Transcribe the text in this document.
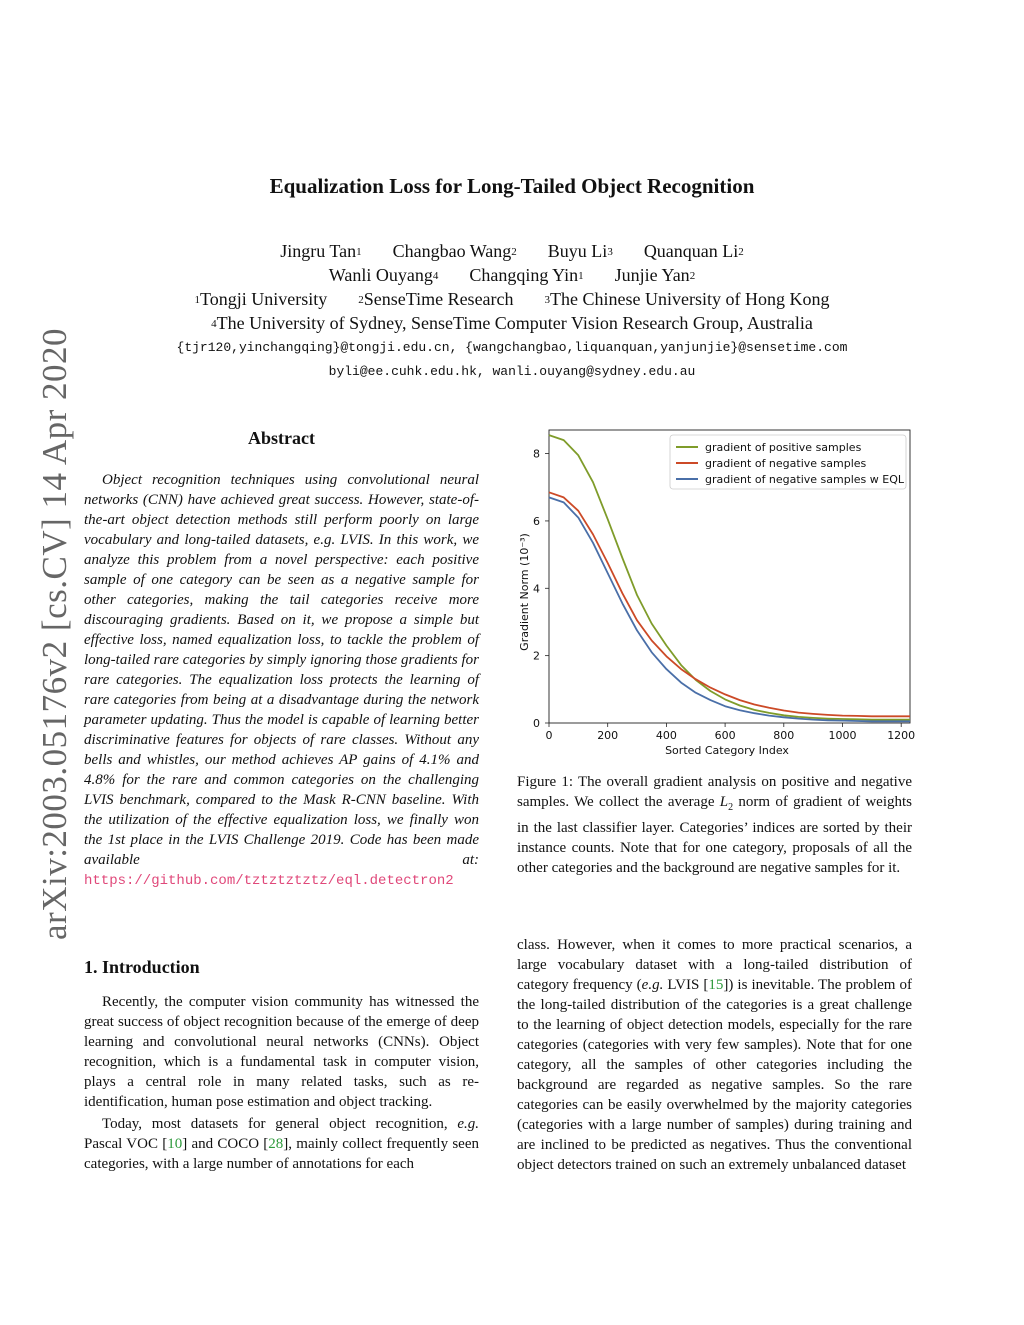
arXiv:2003.05176v2 [cs.CV] 14 Apr 2020
Equalization Loss for Long-Tailed Object Recognition
Jingru Tan$^1$ Changbao Wang$^2$ Buyu Li$^3$ Quanquan Li$^2$
Wanli Ouyang$^4$ Changqing Yin$^1$ Junjie Yan$^2$
$^1$Tongji University	$^2$SenseTime Research	$^3$The Chinese University of Hong Kong
$^4$The University of Sydney, SenseTime Computer Vision Research Group, Australia
{tjr120,yinchangqing}@tongji.edu.cn, {wangchangbao,liquanquan,yanjunjie}@sensetime.com
byli@ee.cuhk.edu.hk, wanli.ouyang@sydney.edu.au
Abstract

Object recognition techniques using convolutional neural networks (CNN) have achieved great success. However, state-of-the-art object detection methods still perform poorly on large vocabulary and long-tailed datasets, e.g. LVIS. In this work, we analyze this problem from a novel perspective: each positive sample of one category can be seen as a negative sample for other categories, making the tail categories receive more discouraging gradients. Based on it, we propose a simple but effective loss, named equalization loss, to tackle the problem of long-tailed rare categories by simply ignoring those gradients for rare categories. The equalization loss protects the learning of rare categories from being at a disadvantage during the network parameter updating. Thus the model is capable of learning better discriminative features for objects of rare classes. Without any bells and whistles, our method achieves AP gains of 4.1% and 4.8% for the rare and common categories on the challenging LVIS benchmark, compared to the Mask R-CNN baseline. With the utilization of the effective equalization loss, we finally won the 1st place in the LVIS Challenge 2019. Code has been made available at: https://github.com/tztztztztz/eql.detectron2

1. Introduction

Recently, the computer vision community has witnessed the great success of object recognition because of the emerge of deep learning and convolutional neural networks (CNNs). Object recognition, which is a fundamental task in computer vision, plays a central role in many related tasks, such as re-identification, human pose estimation and object tracking.

Today, most datasets for general object recognition, e.g. Pascal VOC [10] and COCO [28], mainly collect frequently seen categories, with a large number of annotations for each

0	200	400	600	800	1000	1200
0
2
4
6
8
gradient of positive samples
gradient of negative samples
gradient of negative samples w EQL
Sorted Category Index
Gradient Norm (10⁻³)
Figure 1: The overall gradient analysis on positive and negative samples. We collect the average $L_2$ norm of gradient of weights in the last classifier layer. Categories’ indices are sorted by their instance counts. Note that for one category, proposals of all the other categories and the background are negative samples for it.
class. However, when it comes to more practical scenarios, a large vocabulary dataset with a long-tailed distribution of category frequency (e.g. LVIS [15]) is inevitable. The problem of the long-tailed distribution of the categories is a great challenge to the learning of object detection models, especially for the rare categories (categories with very few samples). Note that for one category, all the samples of other categories including the background are regarded as negative samples. So the rare categories can be easily overwhelmed by the majority categories (categories with a large number of samples) during training and are inclined to be predicted as negatives. Thus the conventional object detectors trained on such an extremely unbalanced dataset
